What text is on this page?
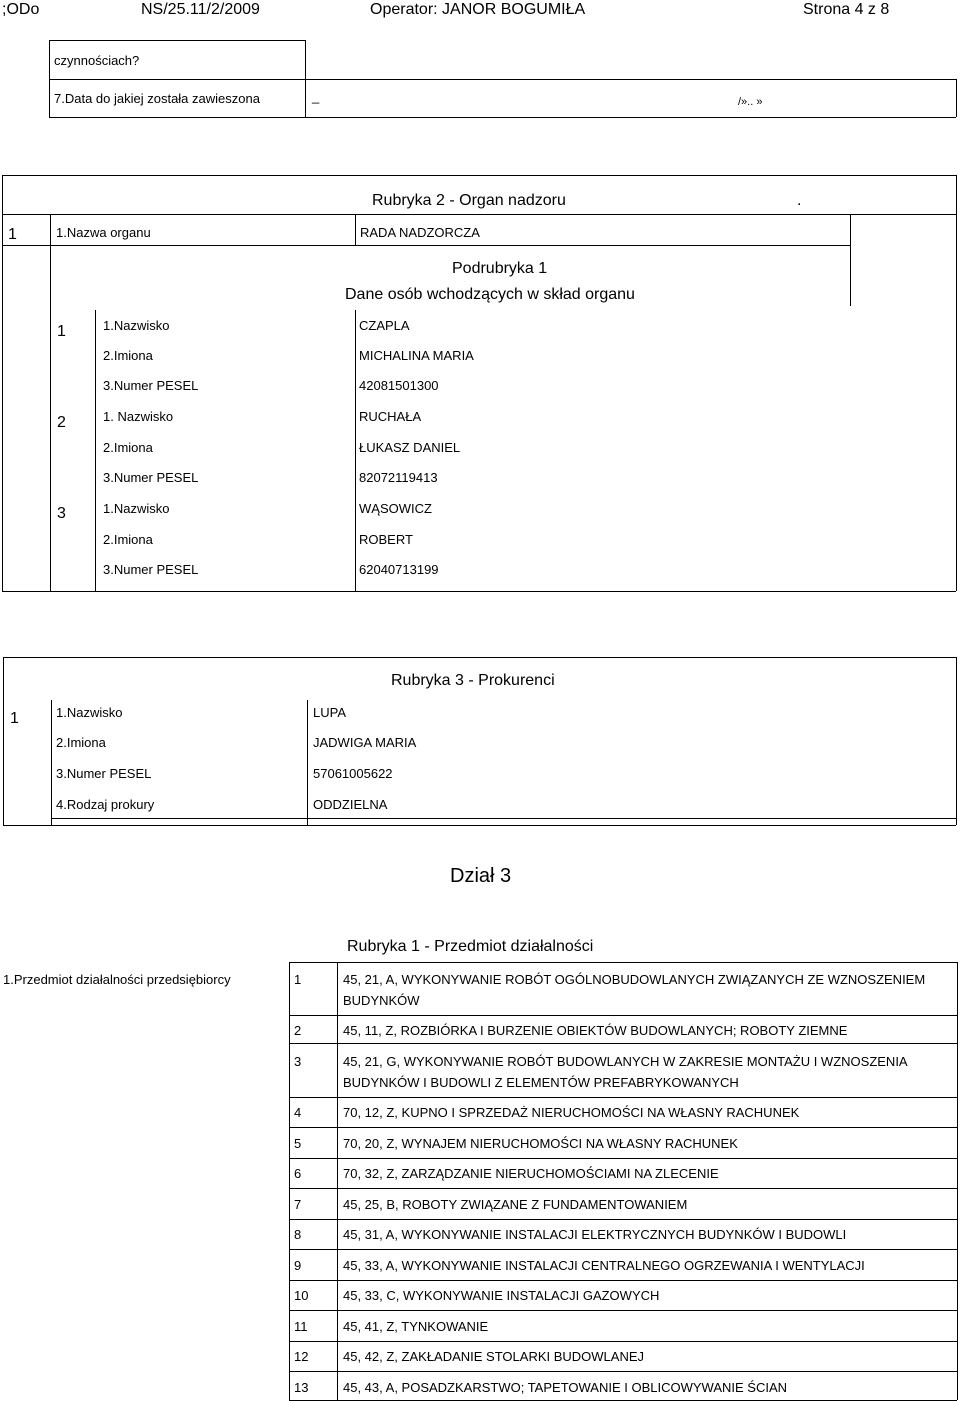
;ODo	NS/25.11/2/2009	Operator: JANOR BOGUMIŁA	Strona 4 z 8
czynnościach?
7.Data do jakiej została zawieszona	_	/».. »
Rubryka 2 - Organ nadzoru	.
1	1.Nazwa organu	RADA NADZORCZA
Podrubryka 1
Dane osób wchodzących w skład organu
1	1.Nazwisko	CZAPLA
2.Imiona	MICHALINA MARIA
3.Numer PESEL	42081501300
2	1. Nazwisko	RUCHAŁA
2.Imiona	ŁUKASZ DANIEL
3.Numer PESEL	82072119413
3	1.Nazwisko	WĄSOWICZ
2.Imiona	ROBERT
3.Numer PESEL	62040713199
Rubryka 3 - Prokurenci
1	1.Nazwisko	LUPA
2.Imiona	JADWIGA MARIA
3.Numer PESEL	57061005622
4.Rodzaj prokury	ODDZIELNA
Dział 3
Rubryka 1 - Przedmiot działalności
1.Przedmiot działalności przedsiębiorcy	1	45, 21, A, WYKONYWANIE ROBÓT OGÓLNOBUDOWLANYCH ZWIĄZANYCH ZE WZNOSZENIEM
BUDYNKÓW
2	45, 11, Z, ROZBIÓRKA I BURZENIE OBIEKTÓW BUDOWLANYCH; ROBOTY ZIEMNE
3	45, 21, G, WYKONYWANIE ROBÓT BUDOWLANYCH W ZAKRESIE MONTAŻU I WZNOSZENIA
BUDYNKÓW I BUDOWLI Z ELEMENTÓW PREFABRYKOWANYCH
4	70, 12, Z, KUPNO I SPRZEDAŻ NIERUCHOMOŚCI NA WŁASNY RACHUNEK
5	70, 20, Z, WYNAJEM NIERUCHOMOŚCI NA WŁASNY RACHUNEK
6	70, 32, Z, ZARZĄDZANIE NIERUCHOMOŚCIAMI NA ZLECENIE
7	45, 25, B, ROBOTY ZWIĄZANE Z FUNDAMENTOWANIEM
8	45, 31, A, WYKONYWANIE INSTALACJI ELEKTRYCZNYCH BUDYNKÓW I BUDOWLI
9	45, 33, A, WYKONYWANIE INSTALACJI CENTRALNEGO OGRZEWANIA I WENTYLACJI
10	45, 33, C, WYKONYWANIE INSTALACJI GAZOWYCH
11	45, 41, Z, TYNKOWANIE
12	45, 42, Z, ZAKŁADANIE STOLARKI BUDOWLANEJ
13	45, 43, A, POSADZKARSTWO; TAPETOWANIE I OBLICOWYWANIE ŚCIAN
